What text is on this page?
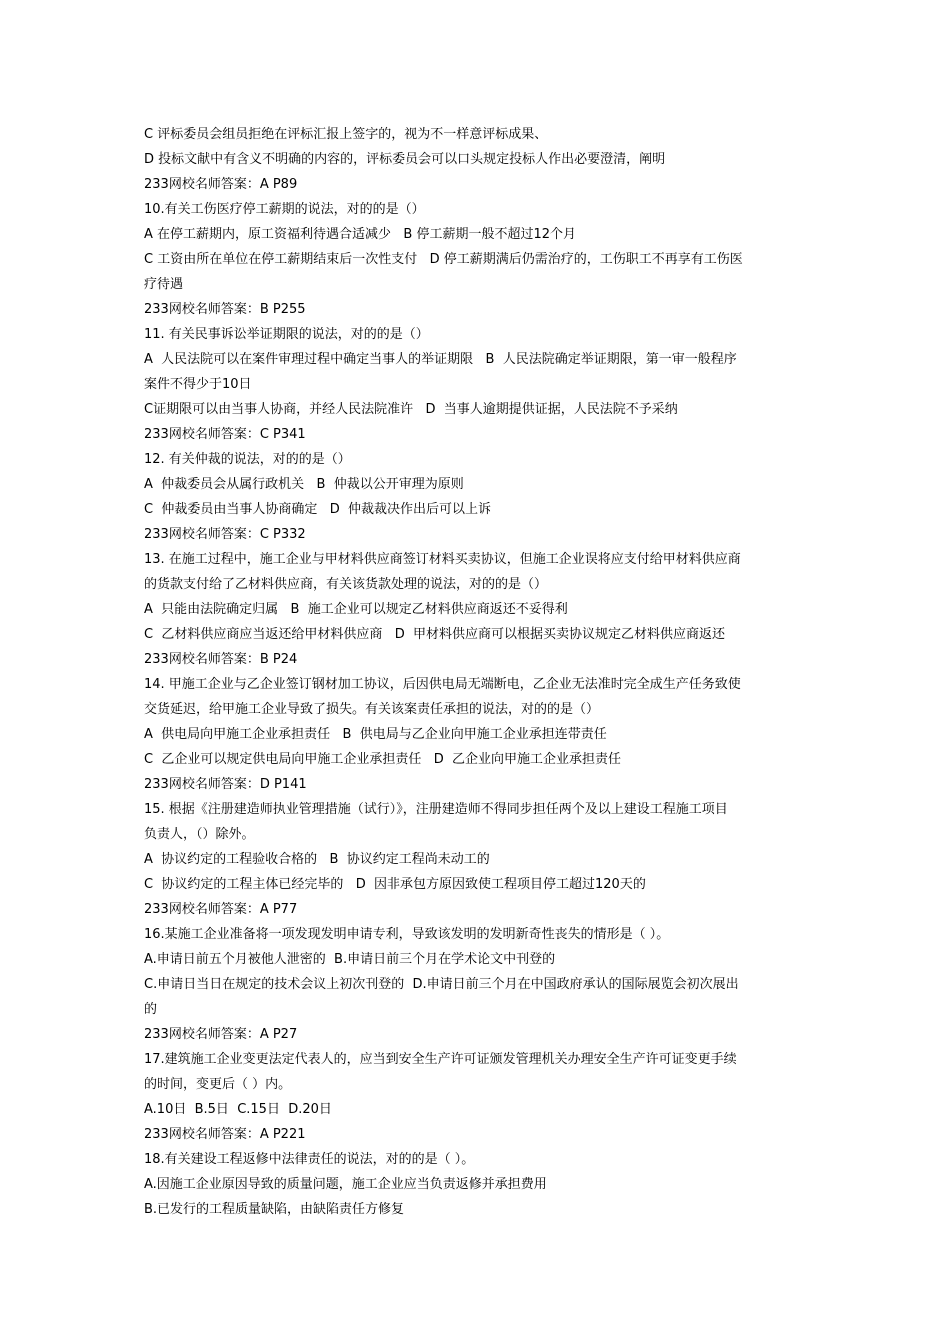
C 评标委员会组员拒绝在评标汇报上签字的，视为不一样意评标成果、
D 投标文献中有含义不明确的内容的，评标委员会可以口头规定投标人作出必要澄清，阐明
233网校名师答案：A P89
10.有关工伤医疗停工薪期的说法，对的的是（）
A 在停工薪期内，原工资福利待遇合适减少   B 停工薪期一般不超过12个月
C 工资由所在单位在停工薪期结束后一次性支付   D 停工薪期满后仍需治疗的，工伤职工不再享有工伤医
疗待遇
233网校名师答案：B P255
11. 有关民事诉讼举证期限的说法，对的的是（）
A  人民法院可以在案件审理过程中确定当事人的举证期限   B  人民法院确定举证期限，第一审一般程序
案件不得少于10日
C证期限可以由当事人协商，并经人民法院准许   D  当事人逾期提供证据，人民法院不予采纳
233网校名师答案：C P341
12. 有关仲裁的说法，对的的是（）
A  仲裁委员会从属行政机关   B  仲裁以公开审理为原则
C  仲裁委员由当事人协商确定   D  仲裁裁决作出后可以上诉
233网校名师答案：C P332
13. 在施工过程中，施工企业与甲材料供应商签订材料买卖协议，但施工企业误将应支付给甲材料供应商
的货款支付给了乙材料供应商，有关该货款处理的说法，对的的是（）
A  只能由法院确定归属   B  施工企业可以规定乙材料供应商返还不妥得利
C  乙材料供应商应当返还给甲材料供应商   D  甲材料供应商可以根据买卖协议规定乙材料供应商返还
233网校名师答案：B P24
14. 甲施工企业与乙企业签订钢材加工协议，后因供电局无端断电，乙企业无法准时完全成生产任务致使
交货延迟，给甲施工企业导致了损失。有关该案责任承担的说法，对的的是（）
A  供电局向甲施工企业承担责任   B  供电局与乙企业向甲施工企业承担连带责任
C  乙企业可以规定供电局向甲施工企业承担责任   D  乙企业向甲施工企业承担责任
233网校名师答案：D P141
15. 根据《注册建造师执业管理措施（试行）》，注册建造师不得同步担任两个及以上建设工程施工项目
负责人，（）除外。
A  协议约定的工程验收合格的   B  协议约定工程尚未动工的
C  协议约定的工程主体已经完毕的   D  因非承包方原因致使工程项目停工超过120天的
233网校名师答案：A P77
16.某施工企业准备将一项发现发明申请专利，导致该发明的发明新奇性丧失的情形是（ ）。
A.申请日前五个月被他人泄密的  B.申请日前三个月在学术论文中刊登的
C.申请日当日在规定的技术会议上初次刊登的  D.申请日前三个月在中国政府承认的国际展览会初次展出
的
233网校名师答案：A P27
17.建筑施工企业变更法定代表人的，应当到安全生产许可证颁发管理机关办理安全生产许可证变更手续
的时间，变更后（ ）内。
A.10日  B.5日  C.15日  D.20日
233网校名师答案：A P221
18.有关建设工程返修中法律责任的说法，对的的是（ ）。
A.因施工企业原因导致的质量问题，施工企业应当负责返修并承担费用
B.已发行的工程质量缺陷，由缺陷责任方修复
